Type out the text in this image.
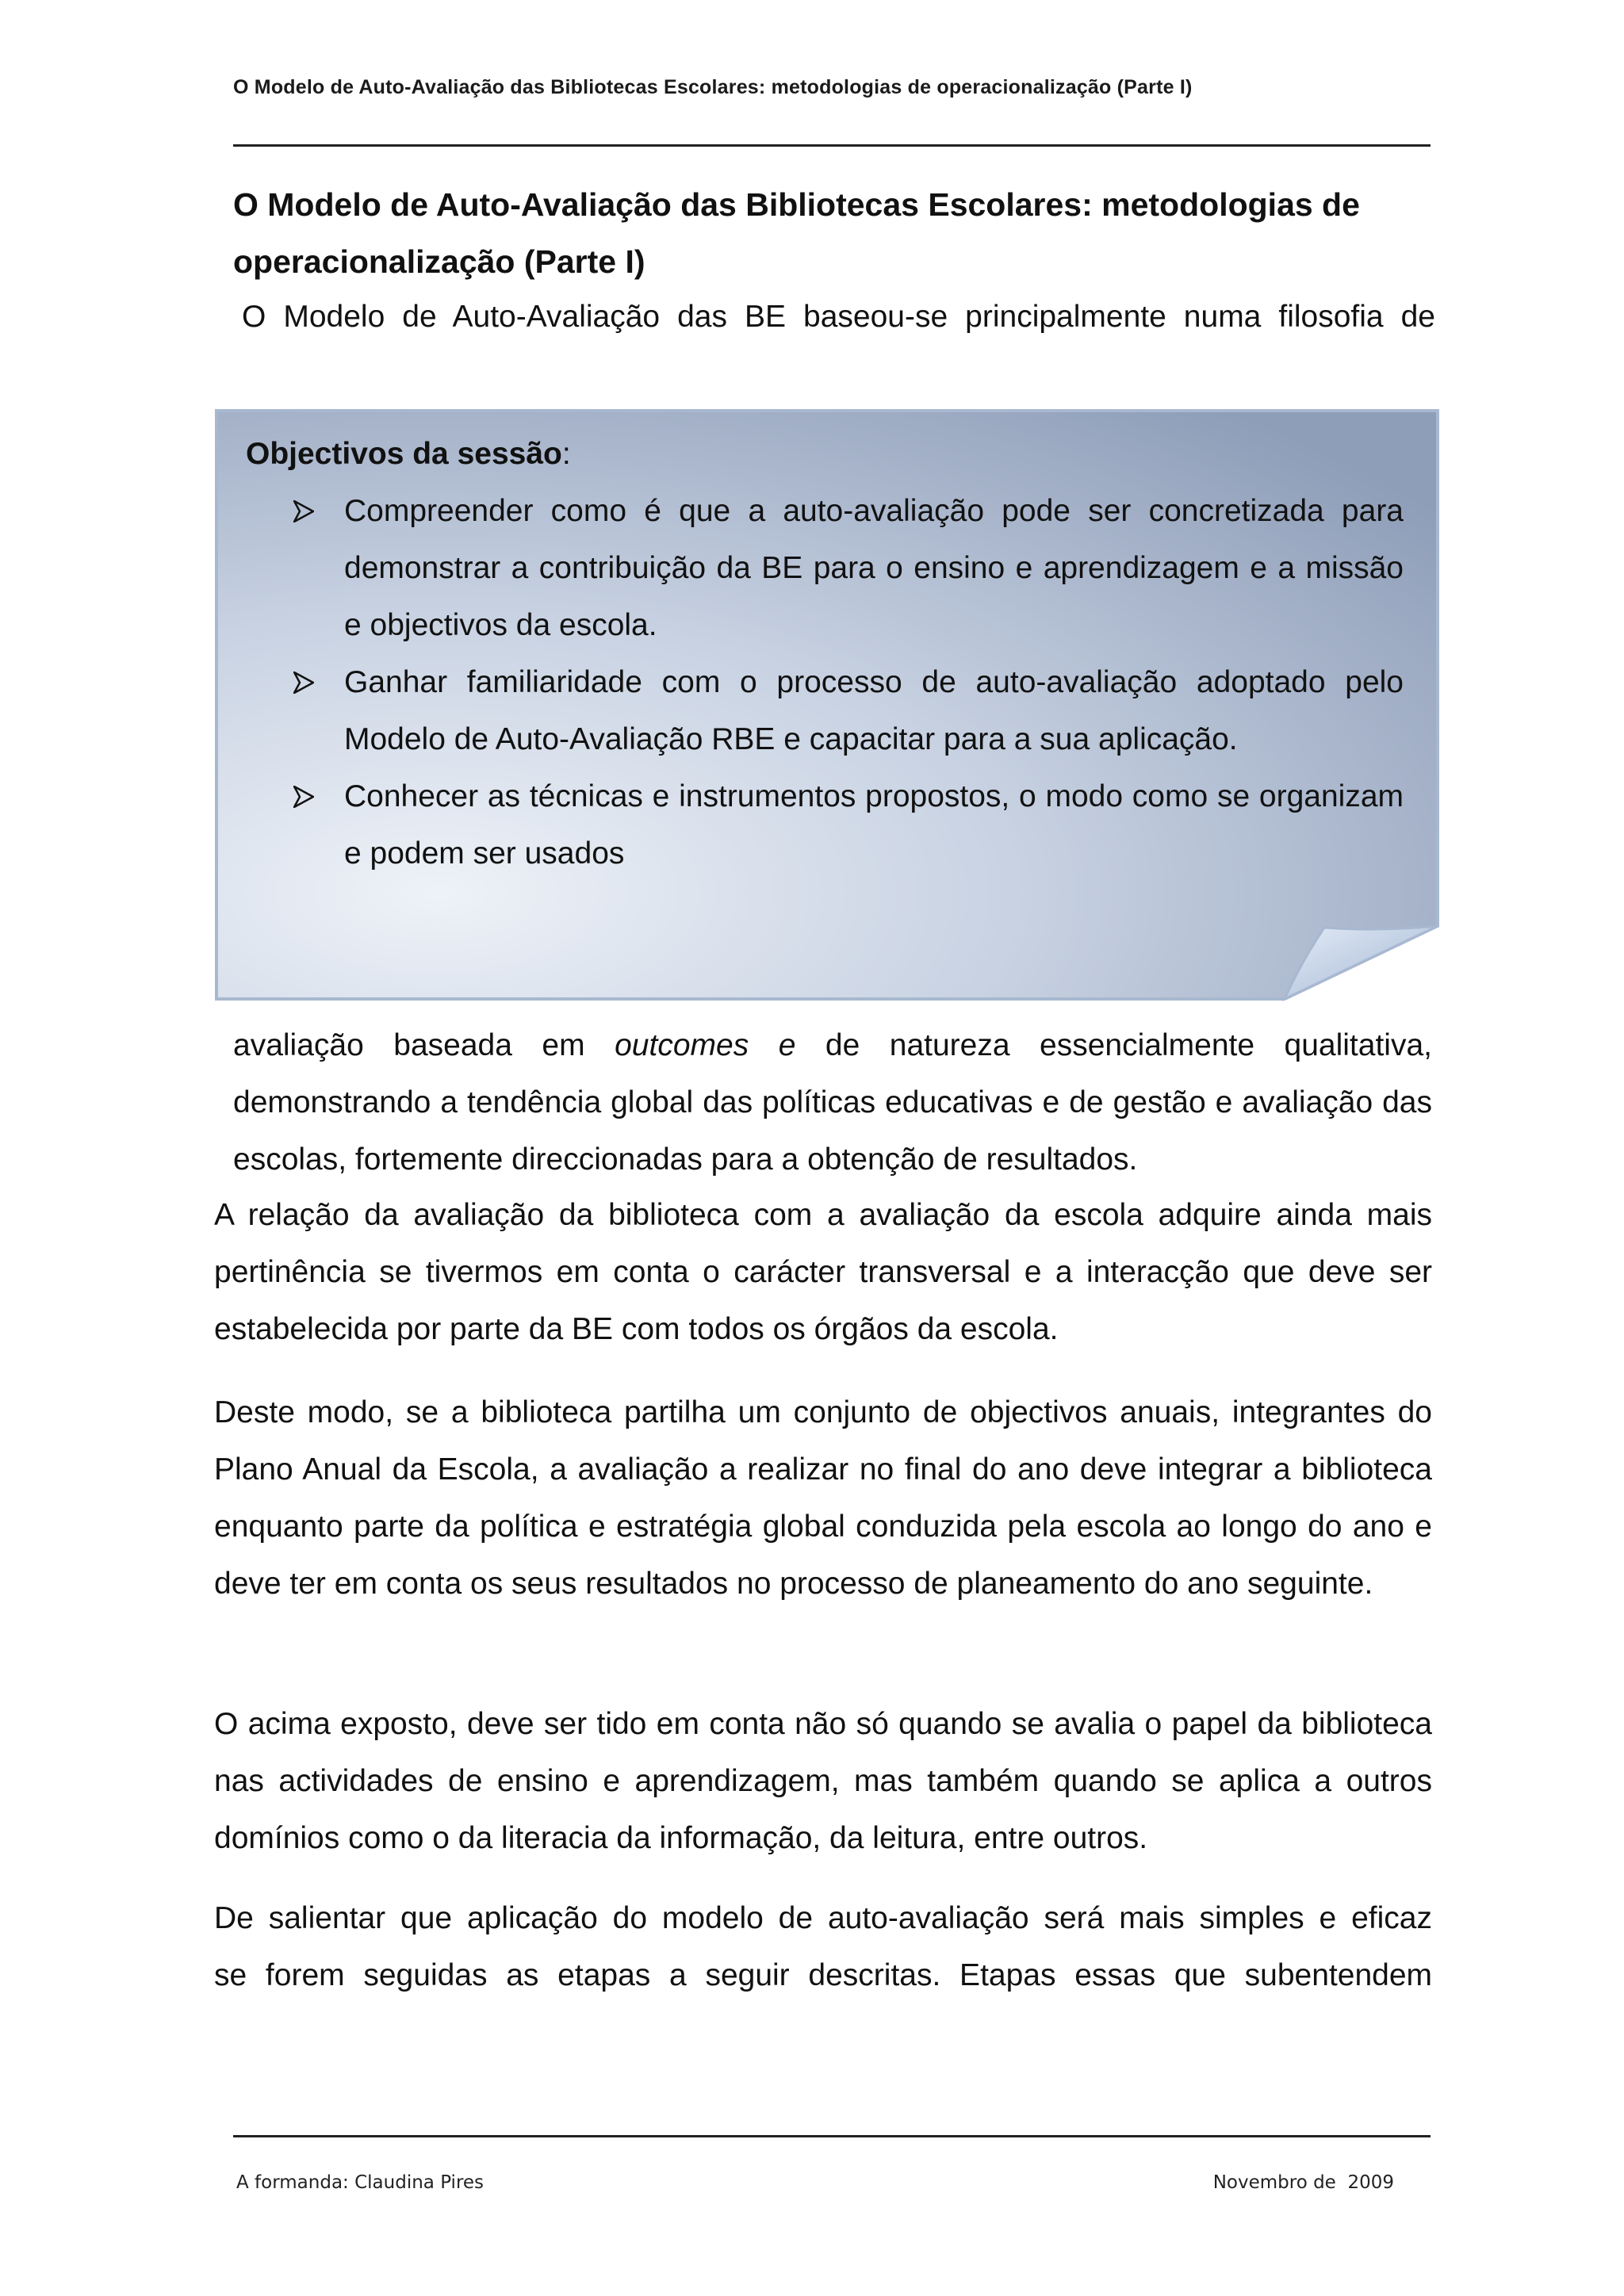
O Modelo de Auto-Avaliação das Bibliotecas Escolares: metodologias de operacionalização (Parte I)
O Modelo de Auto-Avaliação das Bibliotecas Escolares: metodologias de operacionalização (Parte I)
O Modelo de Auto-Avaliação das BE baseou-se principalmente numa filosofia de
Objectivos da sessão:
Compreender como é que a auto-avaliação pode ser concretizada para demonstrar a contribuição da BE para o ensino e aprendizagem e a missão e objectivos da escola.
Ganhar familiaridade com o processo de auto-avaliação adoptado pelo Modelo de Auto-Avaliação RBE e capacitar para a sua aplicação.
Conhecer as técnicas e instrumentos propostos, o modo como se organizam e podem ser usados
avaliação baseada em outcomes e de natureza essencialmente qualitativa, demonstrando a tendência global das políticas educativas e de gestão e avaliação das escolas, fortemente direccionadas para a obtenção de resultados.

A relação da avaliação da biblioteca com a avaliação da escola adquire ainda mais pertinência se tivermos em conta o carácter transversal e a interacção que deve ser estabelecida por parte da BE com todos os órgãos da escola.

Deste modo, se a biblioteca partilha um conjunto de objectivos anuais, integrantes do Plano Anual da Escola, a avaliação a realizar no final do ano deve integrar a biblioteca enquanto parte da política e estratégia global conduzida pela escola ao longo do ano e deve ter em conta os seus resultados no processo de planeamento do ano seguinte.

O acima exposto, deve ser tido em conta não só quando se avalia o papel da biblioteca nas actividades de ensino e aprendizagem, mas também quando se aplica a outros domínios como o da literacia da informação, da leitura, entre outros.

De salientar que aplicação do modelo de auto-avaliação será mais simples e eficaz
se forem seguidas as etapas a seguir descritas. Etapas essas que subentendem

A formanda: Claudina Pires	Novembro de  2009
